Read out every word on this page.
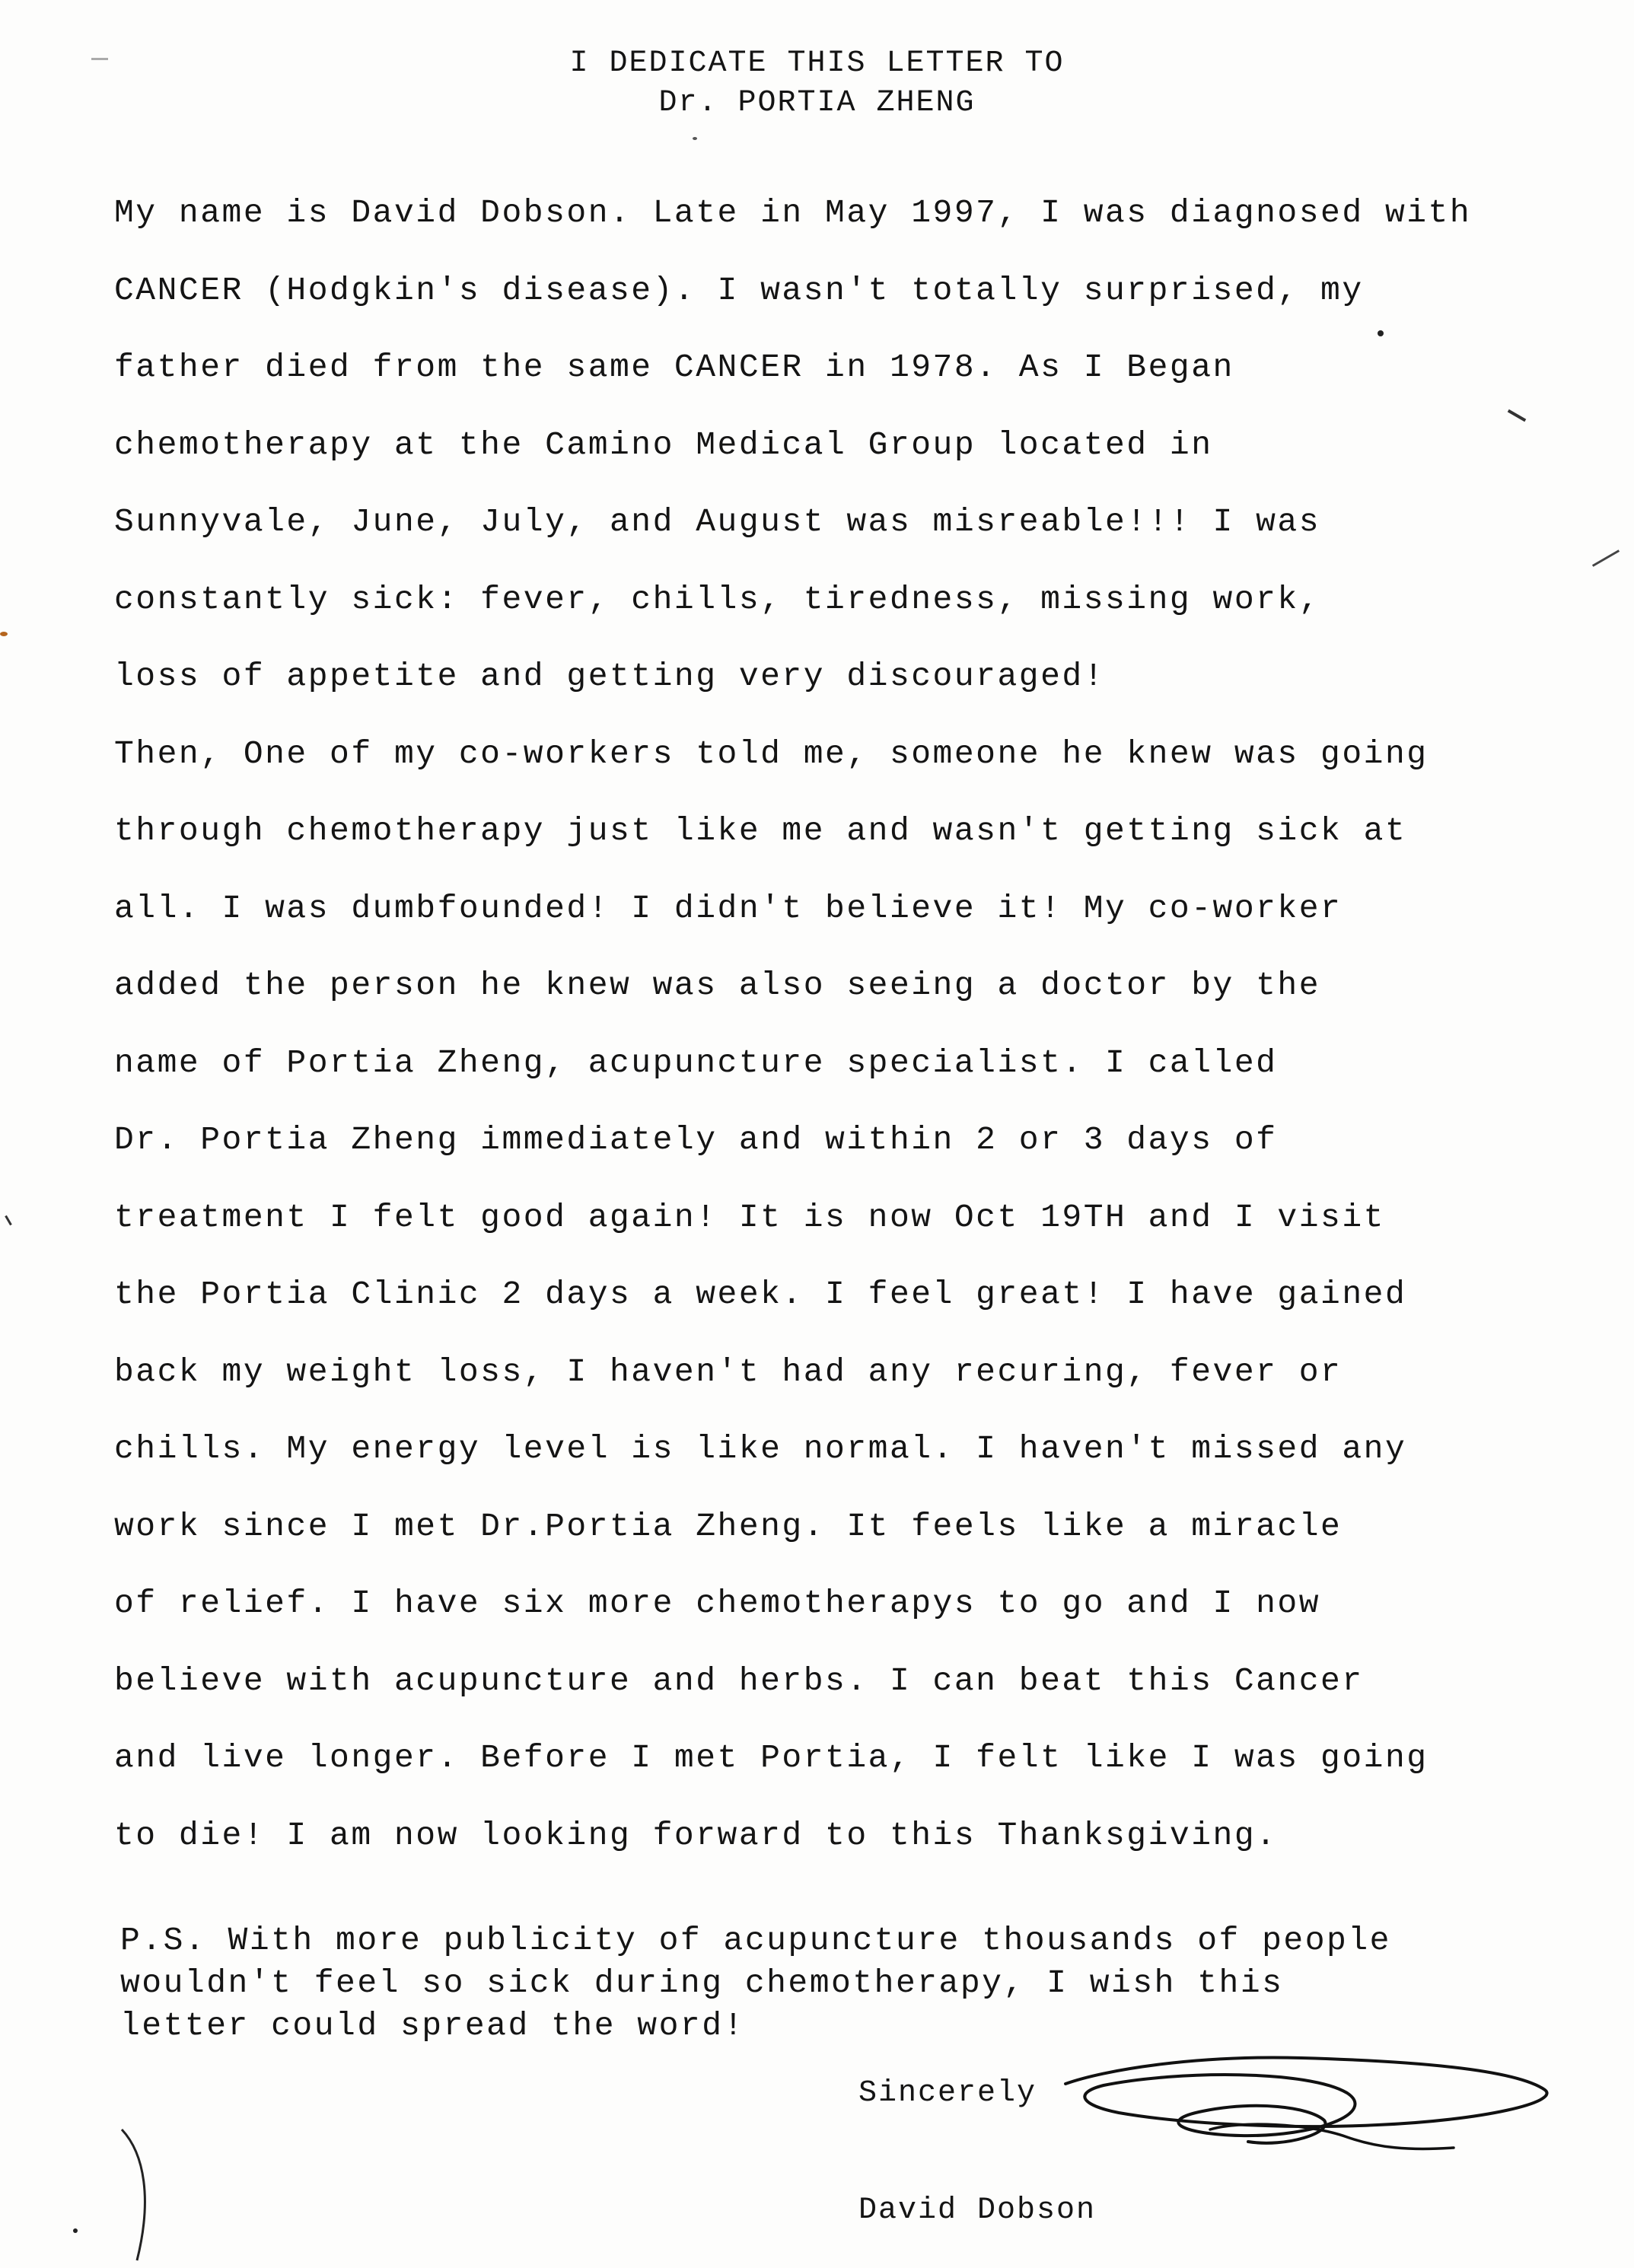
I DEDICATE THIS LETTER TO
Dr. PORTIA ZHENG
My name is David Dobson. Late in May 1997, I was diagnosed with
CANCER (Hodgkin's disease). I wasn't totally surprised, my
father died from the same CANCER in 1978. As I Began
chemotherapy at the Camino Medical Group located in
Sunnyvale, June, July, and August was misreable!!! I was
constantly sick: fever, chills, tiredness, missing work,
loss of appetite and getting very discouraged!
Then, One of my co-workers told me, someone he knew was going
through chemotherapy just like me and wasn't getting sick at
all. I was dumbfounded! I didn't believe it! My co-worker
added the person he knew was also seeing a doctor by the
name of Portia Zheng, acupuncture specialist. I called
Dr. Portia Zheng immediately and within 2 or 3 days of
treatment I felt good again! It is now Oct 19TH and I visit
the Portia Clinic 2 days a week. I feel great! I have gained
back my weight loss, I haven't had any recuring, fever or
chills. My energy level is like normal. I haven't missed any
work since I met Dr.Portia Zheng. It feels like a miracle
of relief. I have six more chemotherapys to go and I now
believe with acupuncture and herbs. I can beat this Cancer
and live longer. Before I met Portia, I felt like I was going
to die! I am now looking forward to this Thanksgiving.
P.S. With more publicity of acupuncture thousands of people
wouldn't feel so sick during chemotherapy, I wish this
letter could spread the word!
Sincerely
David Dobson
